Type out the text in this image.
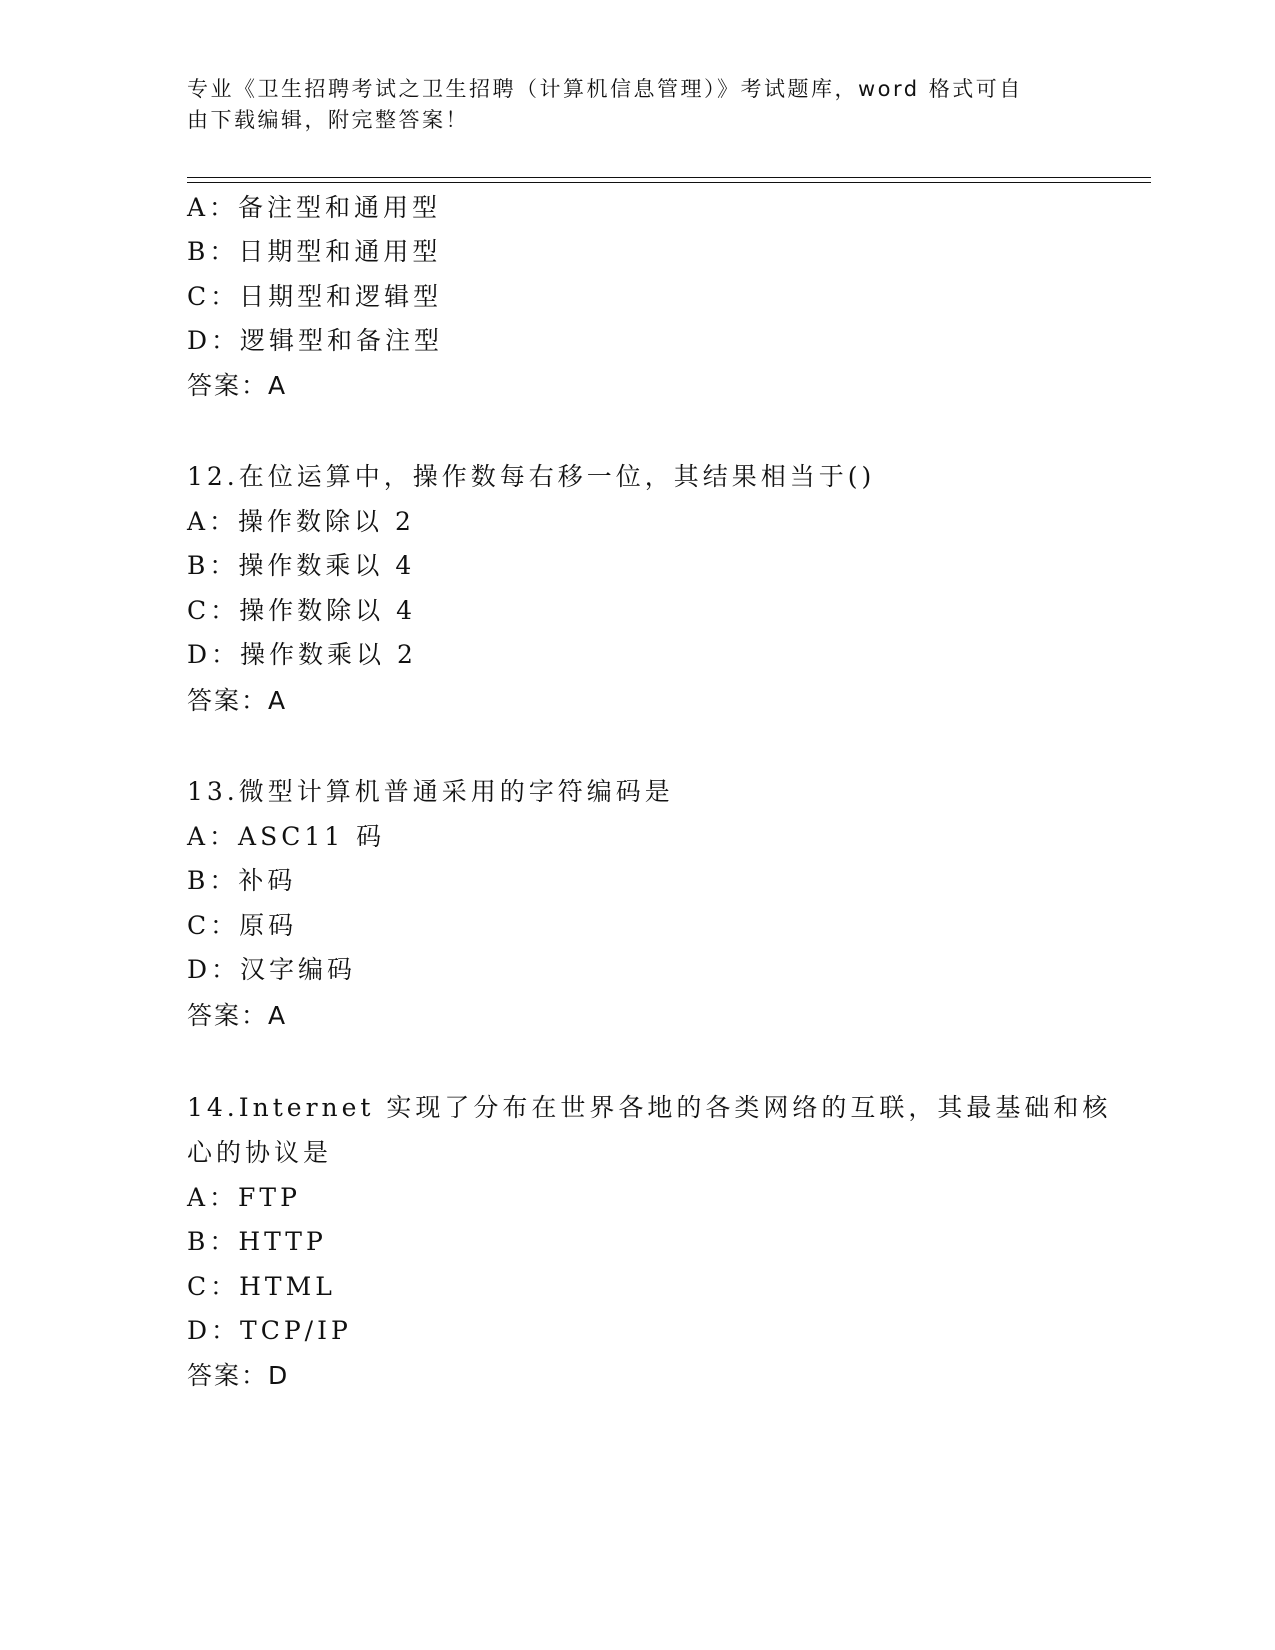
专业《卫生招聘考试之卫生招聘（计算机信息管理）》考试题库，word 格式可自
由下载编辑，附完整答案！
A：备注型和通用型
B：日期型和通用型
C：日期型和逻辑型
D：逻辑型和备注型
答案：A
12.在位运算中，操作数每右移一位，其结果相当于()
A：操作数除以 2
B：操作数乘以 4
C：操作数除以 4
D：操作数乘以 2
答案：A
13.微型计算机普通采用的字符编码是
A：ASC11 码
B：补码
C：原码
D：汉字编码
答案：A
14.Internet 实现了分布在世界各地的各类网络的互联，其最基础和核
心的协议是
A：FTP
B：HTTP
C：HTML
D：TCP/IP
答案：D
